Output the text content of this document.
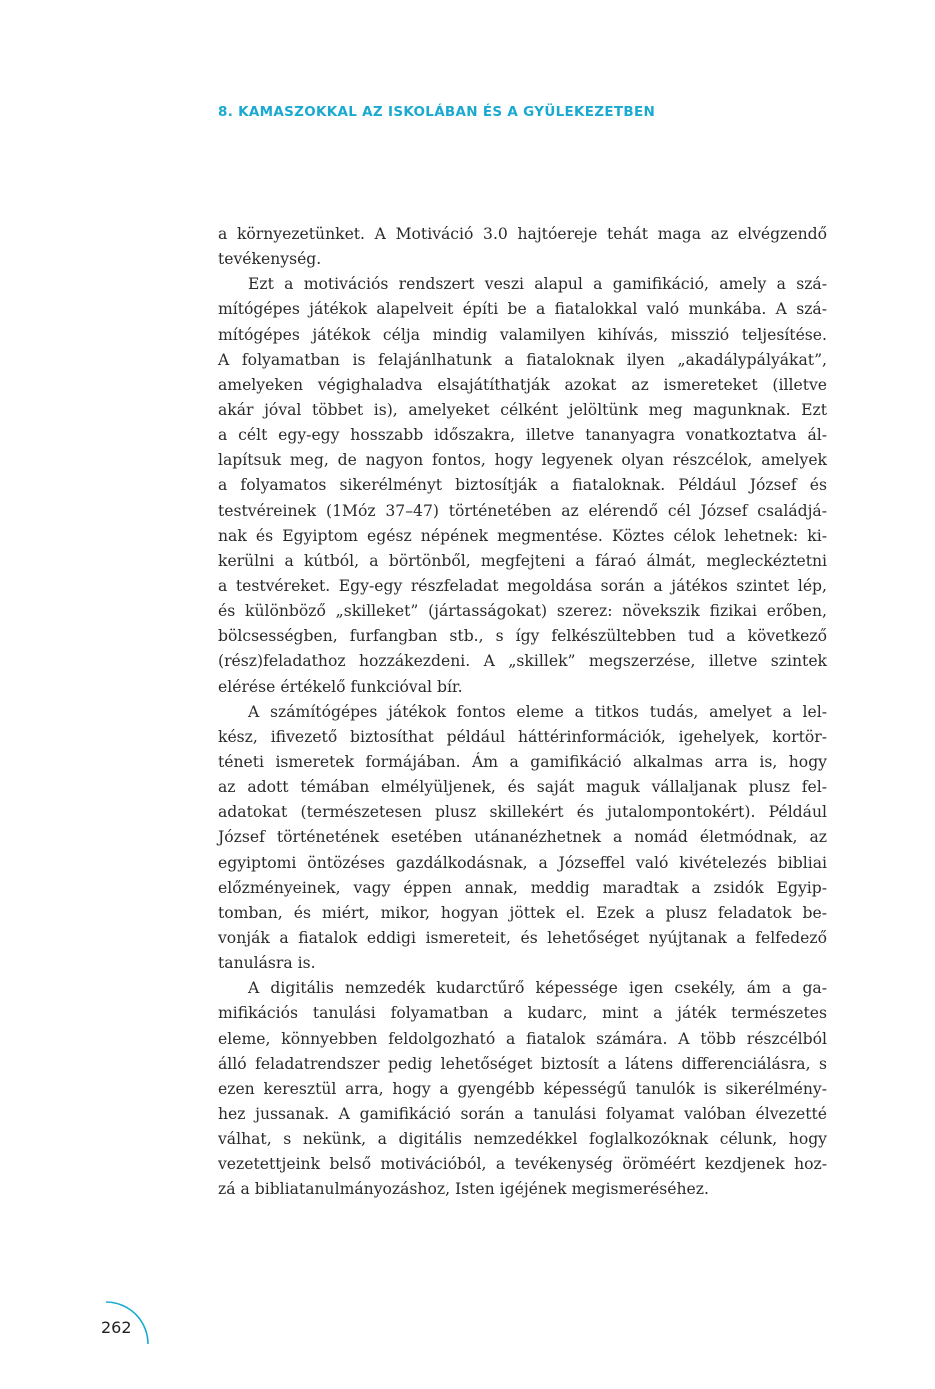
8. KAMASZOKKAL AZ ISKOLÁBAN ÉS A GYÜLEKEZETBEN
a környezetünket. A Motiváció 3.0 hajtóereje tehát maga az elvégzendő
tevékenység.
Ezt a motivációs rendszert veszi alapul a gamifikáció, amely a szá-
mítógépes játékok alapelveit építi be a fiatalokkal való munkába. A szá-
mítógépes játékok célja mindig valamilyen kihívás, misszió teljesítése.
A folyamatban is felajánlhatunk a fiataloknak ilyen „akadálypályákat”,
amelyeken végighaladva elsajátíthatják azokat az ismereteket (illetve
akár jóval többet is), amelyeket célként jelöltünk meg magunknak. Ezt
a célt egy-egy hosszabb időszakra, illetve tananyagra vonatkoztatva ál-
lapítsuk meg, de nagyon fontos, hogy legyenek olyan részcélok, amelyek
a folyamatos sikerélményt biztosítják a fiataloknak. Például József és
testvéreinek (1Móz 37–47) történetében az elérendő cél József családjá-
nak és Egyiptom egész népének megmentése. Köztes célok lehetnek: ki-
kerülni a kútból, a börtönből, megfejteni a fáraó álmát, megleckéztetni
a testvéreket. Egy-egy részfeladat megoldása során a játékos szintet lép,
és különböző „skilleket” (jártasságokat) szerez: növekszik fizikai erőben,
bölcsességben, furfangban stb., s így felkészültebben tud a következő
(rész)feladathoz hozzákezdeni. A „skillek” megszerzése, illetve szintek
elérése értékelő funkcióval bír.
A számítógépes játékok fontos eleme a titkos tudás, amelyet a lel-
kész, ifivezető biztosíthat például háttérinformációk, igehelyek, kortör-
téneti ismeretek formájában. Ám a gamifikáció alkalmas arra is, hogy
az adott témában elmélyüljenek, és saját maguk vállaljanak plusz fel-
adatokat (természetesen plusz skillekért és jutalompontokért). Például
József történetének esetében utánanézhetnek a nomád életmódnak, az
egyiptomi öntözéses gazdálkodásnak, a Józseffel való kivételezés bibliai
előzményeinek, vagy éppen annak, meddig maradtak a zsidók Egyip-
tomban, és miért, mikor, hogyan jöttek el. Ezek a plusz feladatok be-
vonják a fiatalok eddigi ismereteit, és lehetőséget nyújtanak a felfedező
tanulásra is.
A digitális nemzedék kudarctűrő képessége igen csekély, ám a ga-
mifikációs tanulási folyamatban a kudarc, mint a játék természetes
eleme, könnyebben feldolgozható a fiatalok számára. A több részcélból
álló feladatrendszer pedig lehetőséget biztosít a látens differenciálásra, s
ezen keresztül arra, hogy a gyengébb képességű tanulók is sikerélmény-
hez jussanak. A gamifikáció során a tanulási folyamat valóban élvezetté
válhat, s nekünk, a digitális nemzedékkel foglalkozóknak célunk, hogy
vezetettjeink belső motivációból, a tevékenység öröméért kezdjenek hoz-
zá a bibliatanulmányozáshoz, Isten igéjének megismeréséhez.
262
